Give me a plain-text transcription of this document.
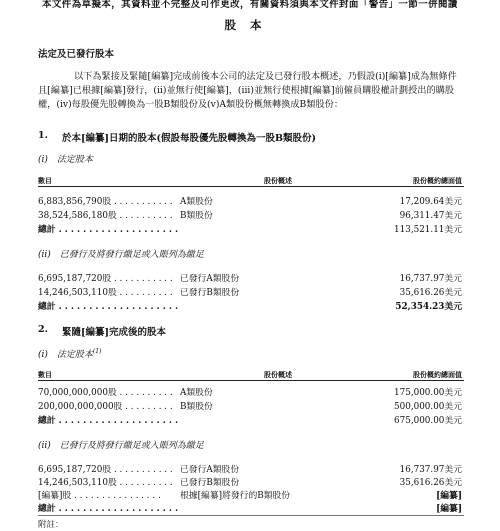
本文件為草擬本，其資料並不完整及可作更改，有關資料須與本文件封面「警告」一節一併閱讀
股本
法定及已發行股本
以下為緊接及緊隨[編纂]完成前後本公司的法定及已發行股本概述，乃假設(i)[編纂]成為無條件且[編纂]已根據[編纂]發行，(ii)並無行使[編纂]，(iii)並無行使根據[編纂]前僱員購股權計劃授出的購股權，(iv)每股優先股轉換為一股B類股份及(v)A類股份概無轉換成B類股份：
1. 於本[編纂]日期的股本(假設每股優先股轉換為一股B類股份)
(i)　法定股本
數目	股份概述	股份概約總面值
6,883,856,790股 . . . . . . . . . . . A類股份	17,209.64美元
38,524,586,180股 . . . . . . . . . . B類股份	96,311.47美元
總計 . . . . . . . . . . . . . . . . . . . .	113,521.11美元
(ii)　已發行及將發行繳足或入賬列為繳足
6,695,187,720股 . . . . . . . . . . . 已發行A類股份	16,737.97美元
14,246,503,110股 . . . . . . . . . . 已發行B類股份	35,616.26美元
總計 . . . . . . . . . . . . . . . . . . . .	52,354.23美元
2. 緊隨[編纂]完成後的股本
(i)　法定股本$^{(1)}$
數目	股份概述	股份概約總面值
70,000,000,000股 . . . . . . . . . . A類股份	175,000.00美元
200,000,000,000股 . . . . . . . . . B類股份	500,000.00美元
總計 . . . . . . . . . . . . . . . . . . . .	675,000.00美元
(ii)　已發行及將發行繳足或入賬列為繳足
6,695,187,720股 . . . . . . . . . . . 已發行A類股份	16,737.97美元
14,246,503,110股 . . . . . . . . . . 已發行B類股份	35,616.26美元
[編纂]股 . . . . . . . . . . . . . . . . 根據[編纂]將發行的B類股份	[編纂]
總計 . . . . . . . . . . . . . . . . . . . .	[編纂]
附註：
